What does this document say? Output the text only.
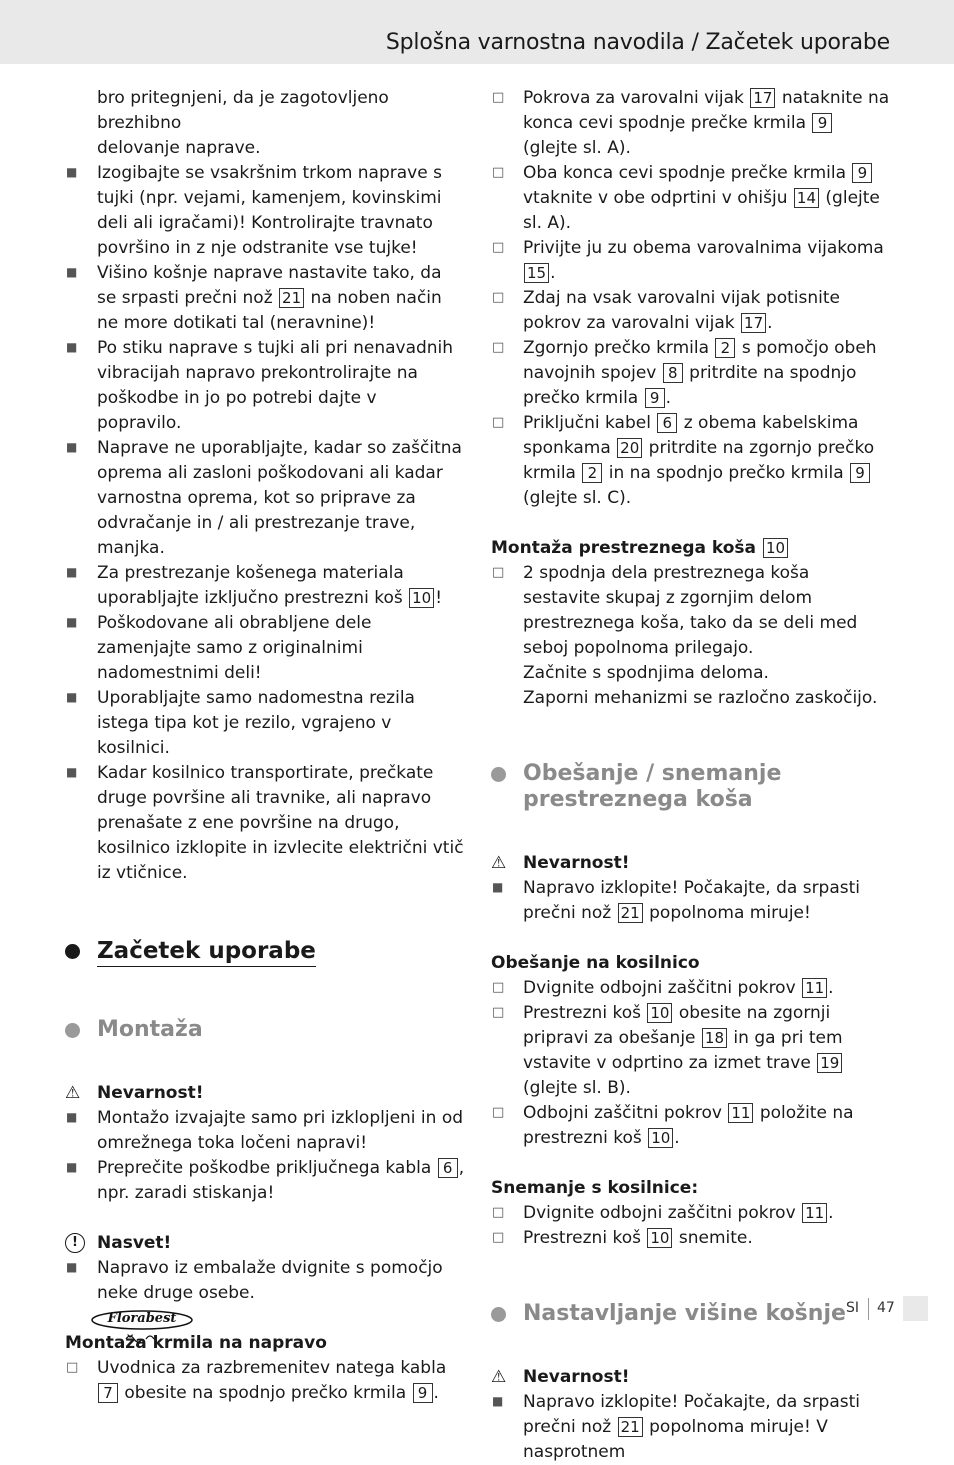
Splošna varnostna navodila / Začetek uporabe

bro pritegnjeni, da je zagotovljeno brezhibno
delovanje naprave.

■
Izogibajte se vsakršnim trkom naprave s tujki (npr. vejami, kamenjem, kovinskimi deli ali igračami)! Kontrolirajte travnato površino in z nje odstranite vse tujke!

■
Višino košnje naprave nastavite tako, da se srpasti prečni nož 21 na noben način ne more dotikati tal (neravnine)!

■
Po stiku naprave s tujki ali pri nenavadnih vibracijah napravo prekontrolirajte na poškodbe in jo po potrebi dajte v popravilo.

■
Naprave ne uporabljajte, kadar so zaščitna oprema ali zasloni poškodovani ali kadar varnostna oprema, kot so priprave za odvračanje in / ali prestrezanje trave, manjka.

■
Za prestrezanje košenega materiala uporabljajte izključno prestrezni koš 10 !

■
Poškodovane ali obrabljene dele zamenjajte samo z originalnimi nadomestnimi deli!

■
Uporabljajte samo nadomestna rezila istega tipa kot je rezilo, vgrajeno v kosilnici.

■
Kadar kosilnico transportirate, prečkate druge površine ali travnike, ali napravo prenašate z ene površine na drugo, kosilnico izklopite in izvlecite električni vtič iz vtičnice.

Začetek uporabe
Montaža

⚠ Nevarnost!

■
Montažo izvajajte samo pri izklopljeni in od omrežnega toka ločeni napravi!

■
Preprečite poškodbe priključnega kabla 6 , npr. zaradi stiskanja!

!	Nasvet!

■
Napravo iz embalaže dvignite s pomočjo neke druge osebe.

Montaža krmila na napravo

□
Uvodnica za razbremenitev natega kabla 7 obesite na spodnjo prečko krmila 9 .

□
Pokrova za varovalni vijak 17 nataknite na konca cevi spodnje prečke krmila 9 (glejte sl. A).

□
Oba konca cevi spodnje prečke krmila 9 vtaknite v obe odprtini v ohišju 14 (glejte sl. A).

□
Privijte ju zu obema varovalnima vijakoma 15 .

□
Zdaj na vsak varovalni vijak potisnite pokrov za varovalni vijak 17 .

□
Zgornjo prečko krmila 2 s pomočjo obeh navojnih spojev 8 pritrdite na spodnjo prečko krmila 9 .

□
Priključni kabel 6 z obema kabelskima sponkama 20 pritrdite na zgornjo prečko krmila 2 in na spodnjo prečko krmila 9 (glejte sl. C).

Montaža prestreznega koša 10

□
2 spodnja dela prestreznega koša sestavite skupaj z zgornjim delom prestreznega koša, tako da se deli med seboj popolnoma prilegajo.
Začnite s spodnjima deloma.
Zaporni mehanizmi se razločno zaskočijo.

Obešanje / snemanje
prestreznega koša

⚠ Nevarnost!

■
Napravo izklopite! Počakajte, da srpasti prečni nož 21 popolnoma miruje!

Obešanje na kosilnico

□
Dvignite odbojni zaščitni pokrov 11 .

□
Prestrezni koš 10 obesite na zgornji pripravi za obešanje 18 in ga pri tem vstavite v odprtino za izmet trave 19 (glejte sl. B).

□
Odbojni zaščitni pokrov 11 položite na prestrezni koš 10 .

Snemanje s kosilnice:

□
Dvignite odbojni zaščitni pokrov 11 .

□
Prestrezni koš 10 snemite.

Nastavljanje višine košnje

⚠ Nevarnost!

■
Napravo izklopite! Počakajte, da srpasti prečni nož 21 popolnoma miruje! V nasprotnem

Florabest
SI 47
